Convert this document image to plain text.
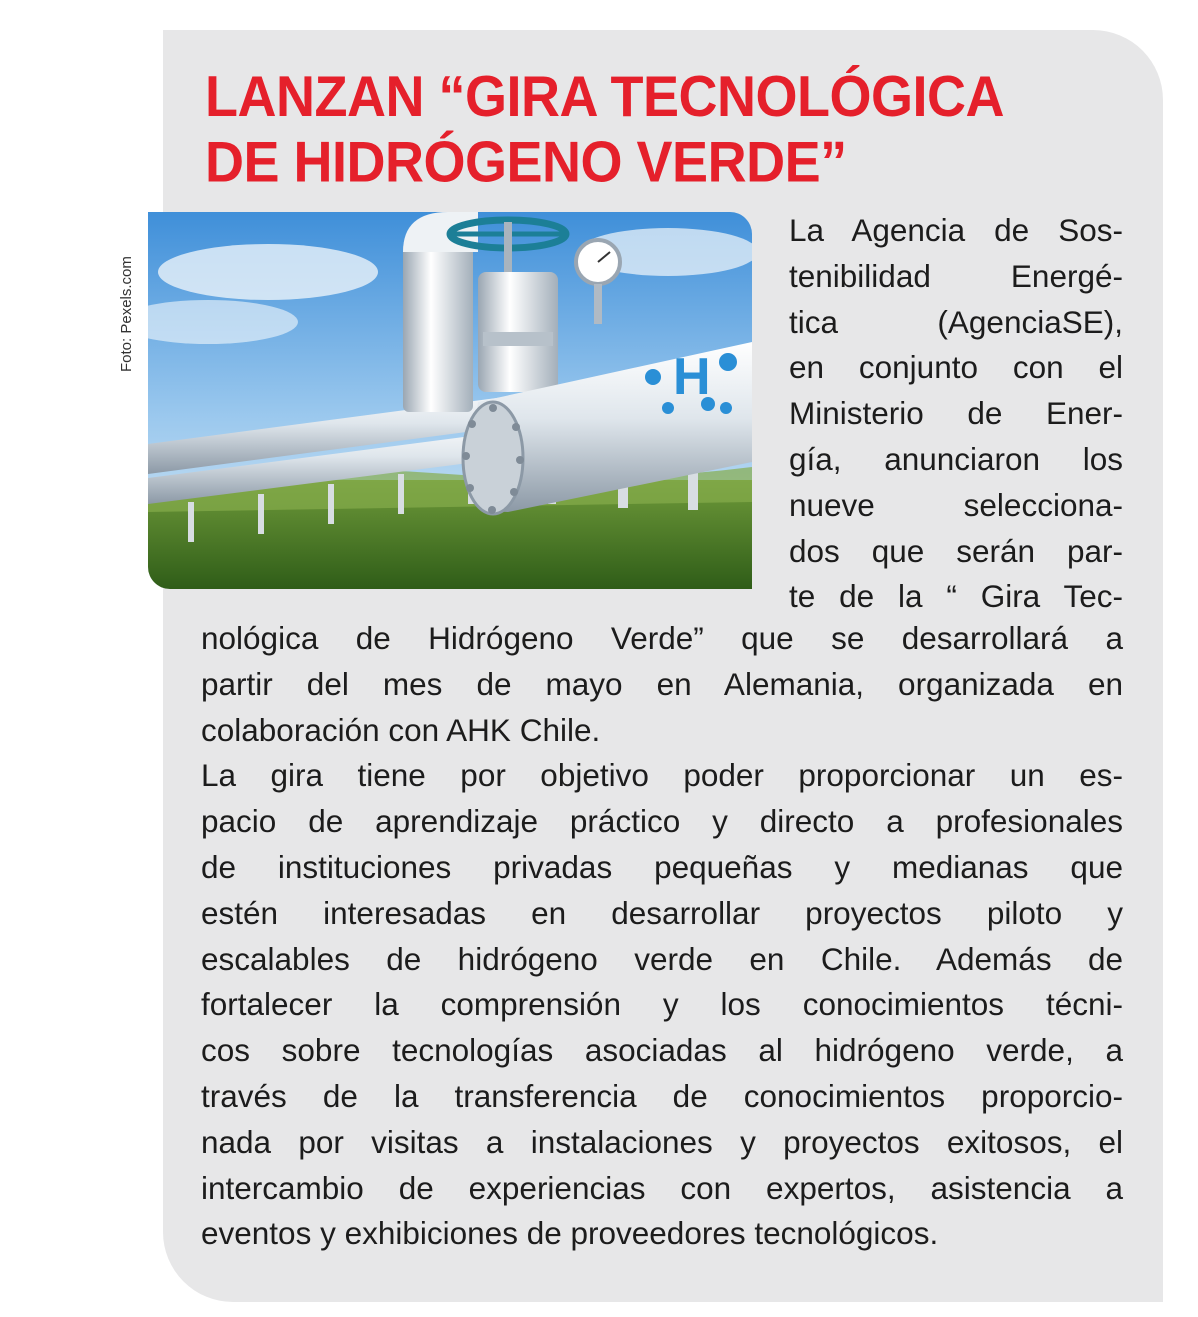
LANZAN “GIRA TECNOLÓGICA
DE HIDRÓGENO VERDE”
Foto: Pexels.com
H

La Agencia de Sos-
tenibilidad Energé-
tica (AgenciaSE),
en conjunto con el
Ministerio de Ener-
gía, anunciaron los
nueve selecciona-
dos que serán par-
te de la “ Gira Tec-

nológica de Hidrógeno Verde” que se desarrollará a
partir del mes de mayo en Alemania, organizada en
colaboración con AHK Chile.
La gira tiene por objetivo poder proporcionar un es-
pacio de aprendizaje práctico y directo a profesionales
de instituciones privadas pequeñas y medianas que
estén interesadas en desarrollar proyectos piloto y
escalables de hidrógeno verde en Chile. Además de
fortalecer la comprensión y los conocimientos técni-
cos sobre tecnologías asociadas al hidrógeno verde, a
través de la transferencia de conocimientos proporcio-
nada por visitas a instalaciones y proyectos exitosos, el
intercambio de experiencias con expertos, asistencia a
eventos y exhibiciones de proveedores tecnológicos.
